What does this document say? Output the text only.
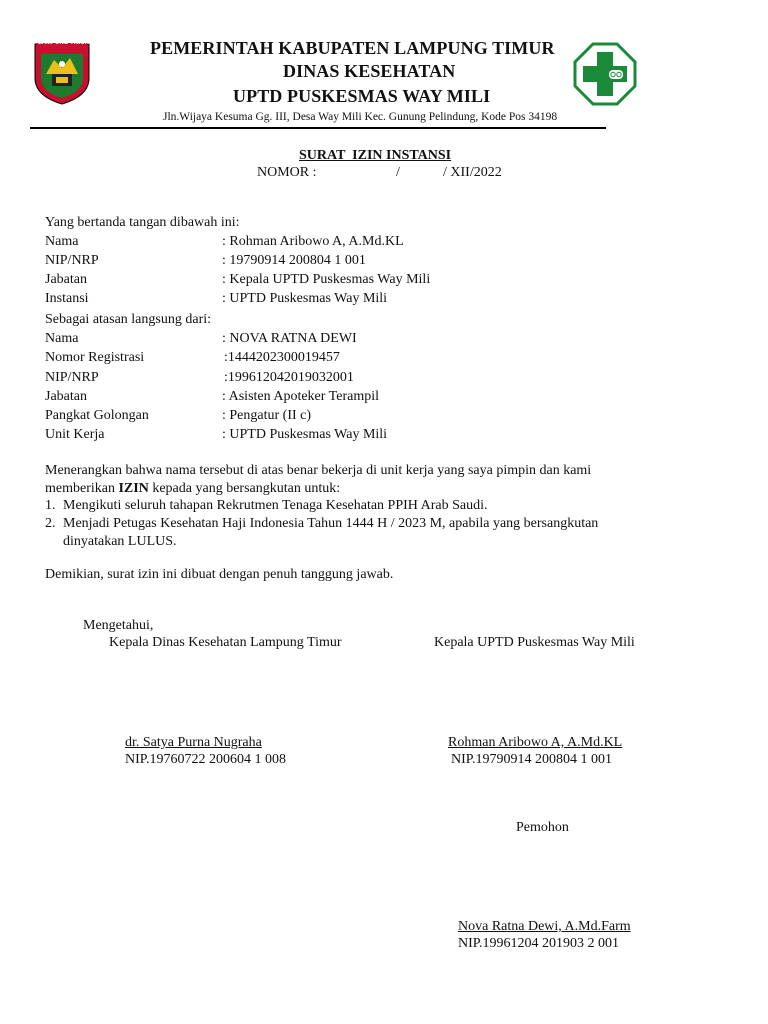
LAMPUNG TIMUR	PEMERINTAH KABUPATEN LAMPUNG TIMUR
DINAS KESEHATAN
UPTD PUSKESMAS WAY MILI
Jln.Wijaya Kesuma Gg. III, Desa Way Mili Kec. Gunung Pelindung, Kode Pos 34198
SURAT  IZIN INSTANSI
NOMOR :	/	/ XII/2022
Yang bertanda tangan dibawah ini:
Nama	: Rohman Aribowo A, A.Md.KL
NIP/NRP	: 19790914 200804 1 001
Jabatan	: Kepala UPTD Puskesmas Way Mili
Instansi	: UPTD Puskesmas Way Mili
Sebagai atasan langsung dari:
Nama	: NOVA RATNA DEWI
Nomor Registrasi	:1444202300019457
NIP/NRP	:199612042019032001
Jabatan	: Asisten Apoteker Terampil
Pangkat Golongan	: Pengatur (II c)
Unit Kerja	: UPTD Puskesmas Way Mili
Menerangkan bahwa nama tersebut di atas benar bekerja di unit kerja yang saya pimpin dan kami
memberikan IZIN kepada yang bersangkutan untuk:
1. Mengikuti seluruh tahapan Rekrutmen Tenaga Kesehatan PPIH Arab Saudi.
2. Menjadi Petugas Kesehatan Haji Indonesia Tahun 1444 H / 2023 M, apabila yang bersangkutan
dinyatakan LULUS.
Demikian, surat izin ini dibuat dengan penuh tanggung jawab.
Mengetahui,
Kepala Dinas Kesehatan Lampung Timur	Kepala UPTD Puskesmas Way Mili
dr. Satya Purna Nugraha
NIP.19760722 200604 1 008
Rohman Aribowo A, A.Md.KL
NIP.19790914 200804 1 001
Pemohon
Nova Ratna Dewi, A.Md.Farm
NIP.19961204 201903 2 001
